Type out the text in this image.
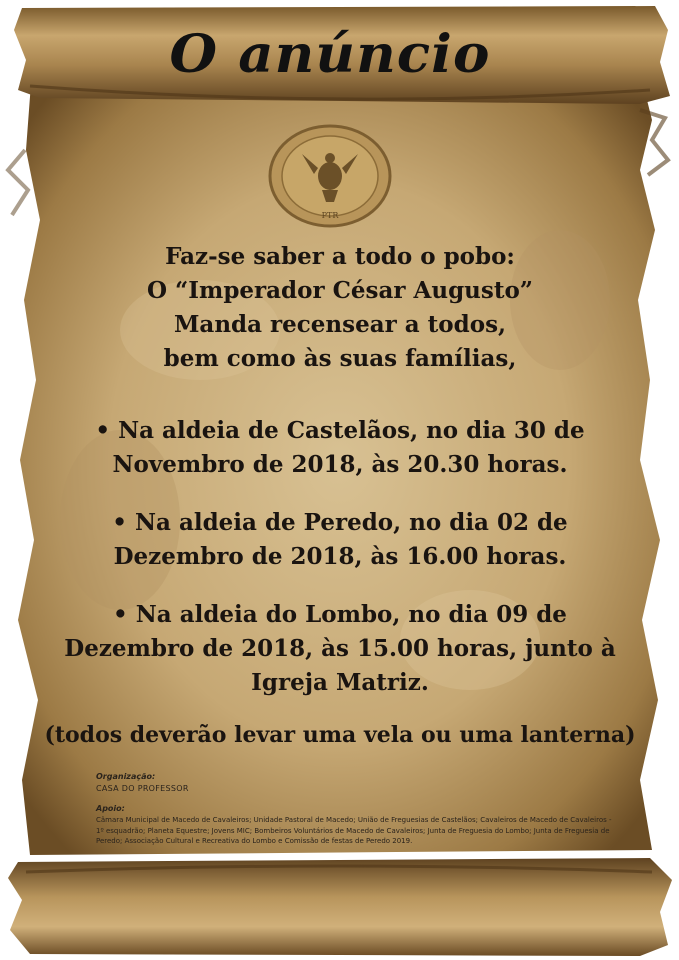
O anúncio
PTR
Faz-se saber a todo o pobo:
O “Imperador César Augusto”
Manda recensear a todos,
bem como às suas famílias,
• Na aldeia de Castelãos, no dia 30 de
Novembro de 2018, às 20.30 horas.
• Na aldeia de Peredo, no dia 02 de
Dezembro de 2018, às 16.00 horas.
• Na aldeia do Lombo, no dia 09 de
Dezembro de 2018, às 15.00 horas, junto à
Igreja Matriz.
(todos deverão levar uma vela ou uma lanterna)
Organização:
CASA DO PROFESSOR
Apoio:
Câmara Municipal de Macedo de Cavaleiros; Unidade Pastoral de Macedo; União de Freguesias de Castelãos; Cavaleiros de Macedo de Cavaleiros - 1º esquadrão; Planeta Equestre; Jovens MIC; Bombeiros Voluntários de Macedo de Cavaleiros; Junta de Freguesia do Lombo; Junta de Freguesia de Peredo; Associação Cultural e Recreativa do Lombo e Comissão de festas de Peredo 2019.
